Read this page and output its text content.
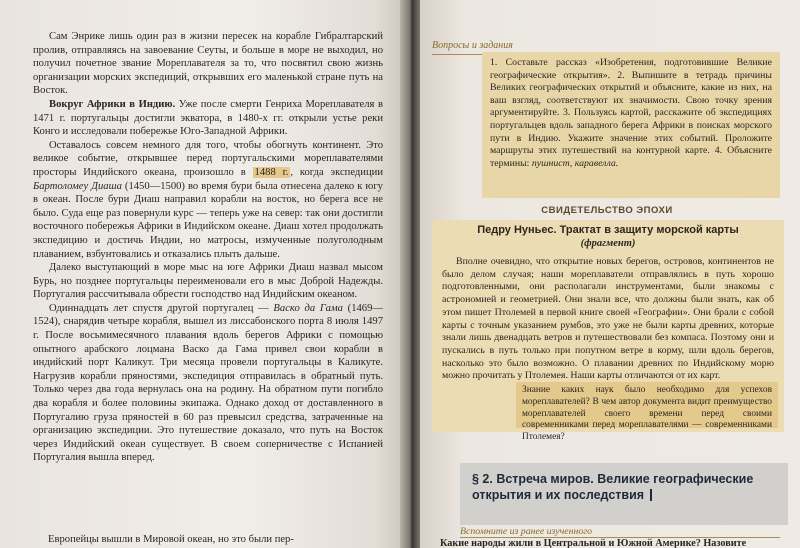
Сам Энрике лишь один раз в жизни пересек на корабле Гибралтарский пролив, отправляясь на завоевание Сеуты, и больше в море не выходил, но получил почетное звание Мореплавателя за то, что посвятил свою жизнь организации морских экспедиций, открывших его маленькой стране путь на Восток.

Вокруг Африки в Индию. Уже после смерти Генриха Мореплавателя в 1471 г. португальцы достигли экватора, в 1480-х гг. открыли устье реки Конго и исследовали побережье Юго-Западной Африки.

Оставалось совсем немного для того, чтобы обогнуть континент. Это великое событие, открывшее перед португальскими мореплавателями просторы Индийского океана, произошло в 1488 г. , когда экспедиции Бартоломеу Диаша (1450—1500) во время бури была отнесена далеко к югу в океан. После бури Диаш направил корабли на восток, но берега все не было. Суда еще раз повернули курс — теперь уже на север: так они достигли восточного побережья Африки в Индийском океане. Диаш хотел продолжать экспедицию и достичь Индии, но матросы, измученные полуголодным плаванием, взбунтовались и отказались плыть дальше.

Далеко выступающий в море мыс на юге Африки Диаш назвал мысом Бурь, но позднее португальцы переименовали его в мыс Доброй Надежды. Португалия рассчитывала обрести господство над Индийским океаном.

Одиннадцать лет спустя другой португалец — Васко да Гама (1469—1524), снарядив четыре корабля, вышел из лиссабонского порта 8 июля 1497 г. После восьмимесячного плавания вдоль берегов Африки с помощью опытного арабского лоцмана Васко да Гама привел свои корабли в индийский порт Каликут. Три месяца провели португальцы в Каликуте. Нагрузив корабли пряностями, экспедиция отправилась в обратный путь. Только через два года вернулась она на родину. На обратном пути погибло два корабля и более половины экипажа. Однако доход от доставленного в Португалию груза пряностей в 60 раз превысил средства, затраченные на организацию экспедиции. Это путешествие доказало, что путь на Восток через Индийский океан существует. В своем соперничестве с Испанией Португалия вышла вперед.

Европейцы вышли в Мировой океан, но это были пер-
Вопросы и задания
1. Составьте рассказ «Изобретения, подготовившие Великие географические открытия». 2. Выпишите в тетрадь причины Великих географических открытий и объясните, какие из них, на ваш взгляд, соответствуют их значимости. Свою точку зрения аргументируйте. 3. Пользуясь картой, расскажите об экспедициях португальцев вдоль западного берега Африки в поисках морского пути в Индию. Укажите значение этих событий. Проложите маршруты этих путешествий на контурной карте. 4. Объясните термины: пушнист, каравелла.
СВИДЕТЕЛЬСТВО ЭПОХИ
Педру Нуньес. Трактат в защиту морской карты
(фрагмент)

Вполне очевидно, что открытие новых берегов, островов, континентов не было делом случая; наши мореплаватели отправлялись в путь хорошо подготовленными, они располагали инструментами, были знакомы с астрономией и геометрией. Они знали все, что должны были знать, как об этом пишет Птолемей в первой книге своей «Географии». Они брали с собой карты с точным указанием румбов, это уже не были карты древних, которые знали лишь двенадцать ветров и путешествовали без компаса. Поэтому они и пускались в путь только при попутном ветре в корму, шли вдоль берегов, насколько это было возможно. О плавании древних по Индийскому морю можно прочитать у Птолемея. Наши карты отличаются от их карт.

Знание каких наук было необходимо для успехов мореплавателей? В чем автор документа видит преимущество мореплавателей своего времени перед своими современниками перед мореплавателями — современниками Птолемея?
§ 2. Встреча миров. Великие географические открытия и их последствия
Вспомните из ранее изученного
Какие народы жили в Центральной и Южной Америке? Назовите
